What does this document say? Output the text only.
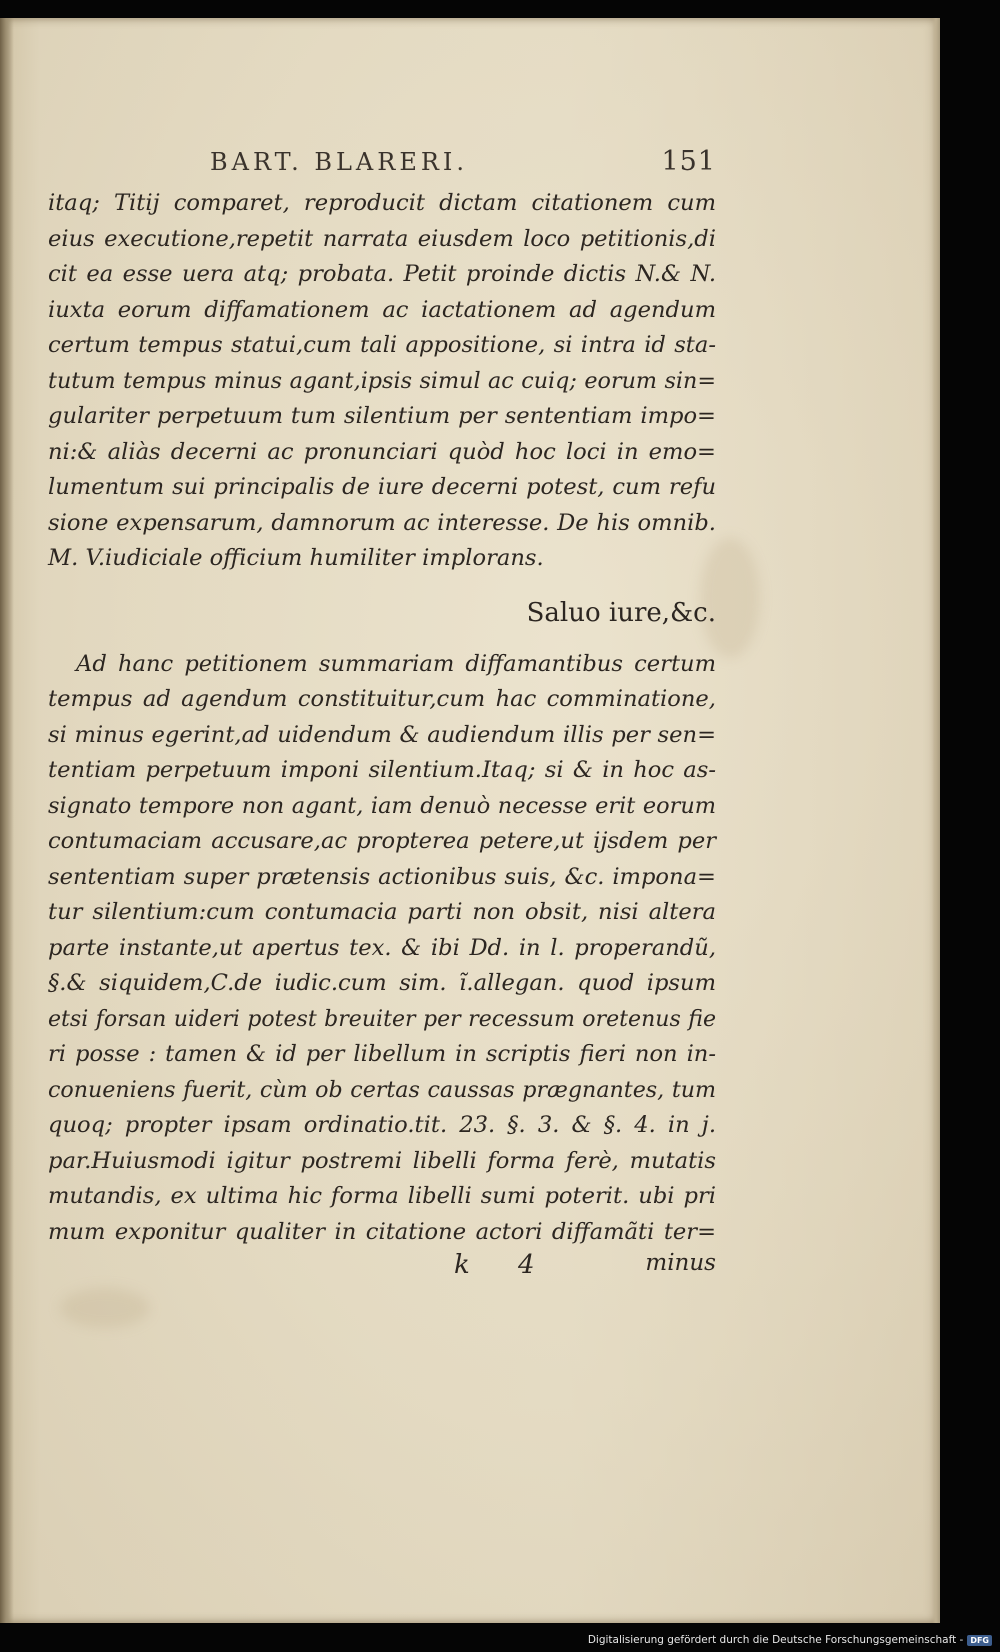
BART. BLARERI.	151
itaq; Titij comparet, reproducit dictam citationem cum
eius executione,repetit narrata eiusdem loco petitionis,di
cit ea esse uera atq; probata. Petit proinde dictis N.& N.
iuxta eorum diffamationem ac iactationem ad agendum
certum tempus statui,cum tali appositione, si intra id sta-
tutum tempus minus agant,ipsis simul ac cuiq; eorum sin=
gulariter perpetuum tum silentium per sententiam impo=
ni:& aliàs decerni ac pronunciari quòd hoc loci in emo=
lumentum sui principalis de iure decerni potest, cum refu
sione expensarum, damnorum ac interesse. De his omnib.
M. V.iudiciale officium humiliter implorans.
Saluo iure,&c.
Ad hanc petitionem summariam diffamantibus certum
tempus ad agendum constituitur,cum hac comminatione,
si minus egerint,ad uidendum & audiendum illis per sen=
tentiam perpetuum imponi silentium.Itaq; si & in hoc as-
signato tempore non agant, iam denuò necesse erit eorum
contumaciam accusare,ac propterea petere,ut ijsdem per
sententiam super prætensis actionibus suis, &c. impona=
tur silentium:cum contumacia parti non obsit, nisi altera
parte instante,ut apertus tex. & ibi Dd. in l. properandũ,
§.& siquidem,C.de iudic.cum sim. ĩ.allegan. quod ipsum
etsi forsan uideri potest breuiter per recessum oretenus fie
ri posse : tamen & id per libellum in scriptis fieri non in-
conueniens fuerit, cùm ob certas caussas prægnantes, tum
quoq; propter ipsam ordinatio.tit. 23. §. 3. & §. 4. in j.
par.Huiusmodi igitur postremi libelli forma ferè, mutatis
mutandis, ex ultima hic forma libelli sumi poterit. ubi pri
mum exponitur qualiter in citatione actori diffamãti ter=
k 4	minus
Digitalisierung gefördert durch die Deutsche Forschungsgemeinschaft - DFG
